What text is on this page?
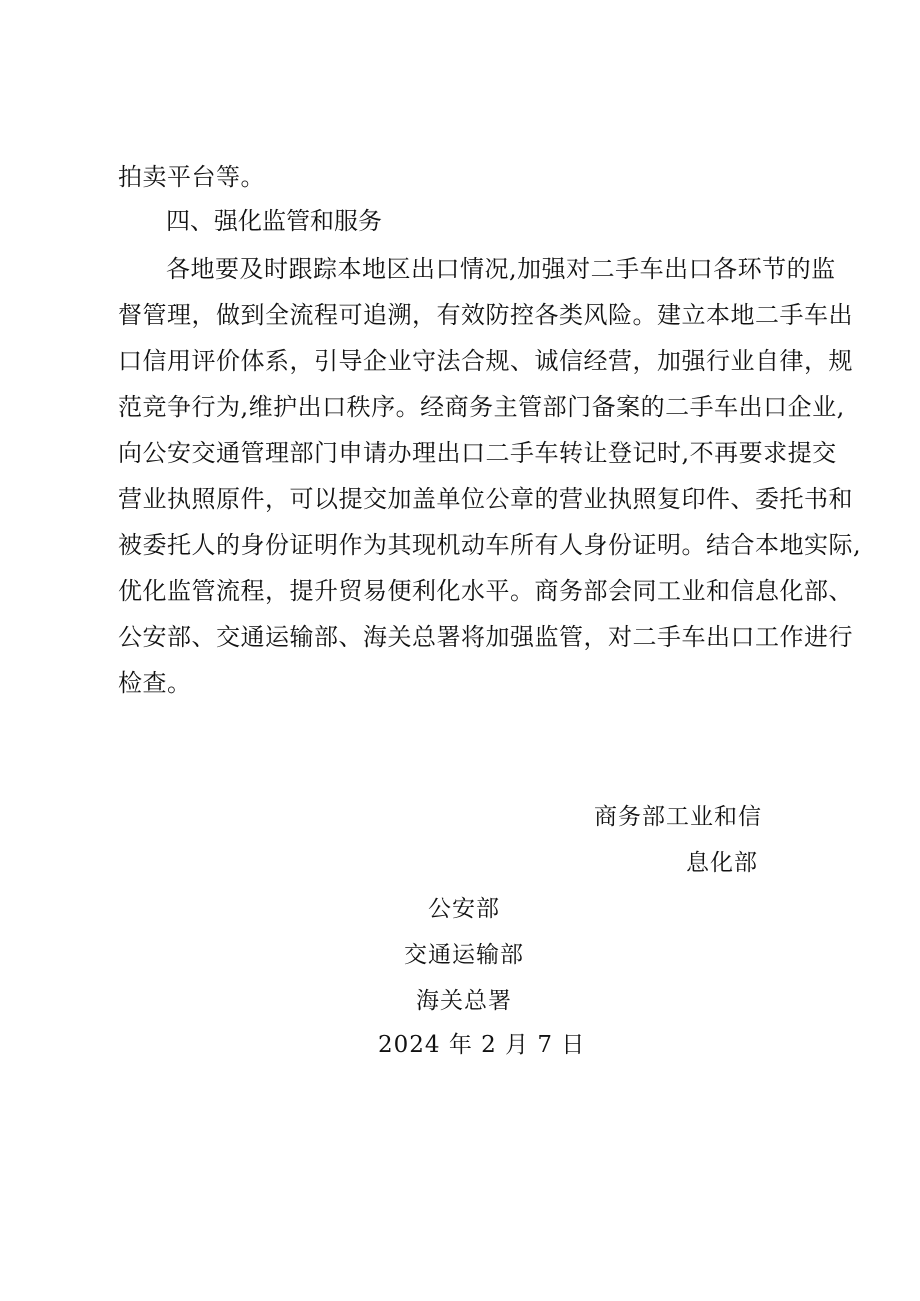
拍卖平台等。
四、强化监管和服务
各地要及时跟踪本地区出口情况,加强对二手车出口各环节的监
督管理，做到全流程可追溯，有效防控各类风险。建立本地二手车出
口信用评价体系，引导企业守法合规、诚信经营，加强行业自律，规
范竞争行为,维护出口秩序。经商务主管部门备案的二手车出口企业,
向公安交通管理部门申请办理出口二手车转让登记时,不再要求提交
营业执照原件，可以提交加盖单位公章的营业执照复印件、委托书和
被委托人的身份证明作为其现机动车所有人身份证明。结合本地实际,
优化监管流程，提升贸易便利化水平。商务部会同工业和信息化部、
公安部、交通运输部、海关总署将加强监管，对二手车出口工作进行
检查。
商务部工业和信
息化部
公安部
交通运输部
海关总署
2024 年 2 月 7 日
